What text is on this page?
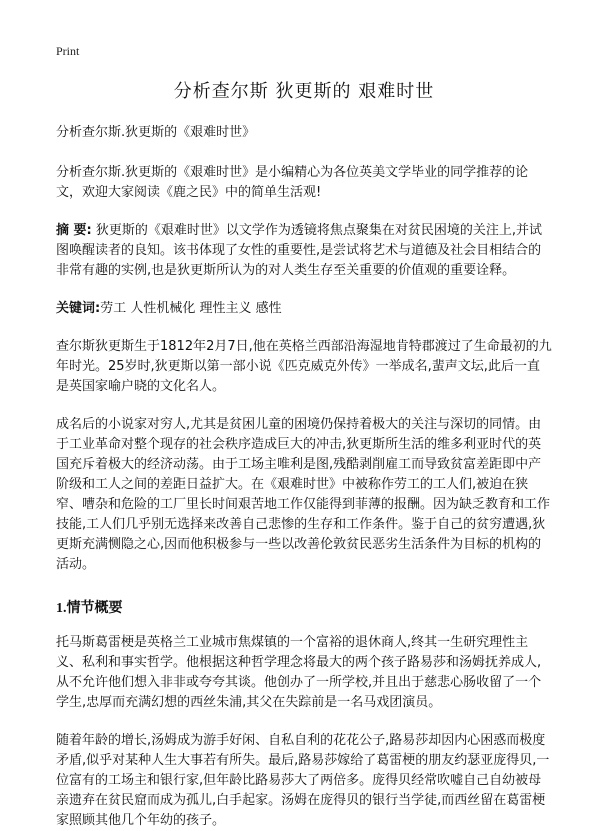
Print
分析查尔斯 狄更斯的 艰难时世

分析查尔斯.狄更斯的《艰难时世》

分析查尔斯.狄更斯的《艰难时世》是小编精心为各位英美文学毕业的同学推荐的论文，欢迎大家阅读《鹿之民》中的简单生活观!

摘 要: 狄更斯的《艰难时世》以文学作为透镜将焦点聚集在对贫民困境的关注上,并试图唤醒读者的良知。该书体现了女性的重要性,是尝试将艺术与道德及社会目相结合的非常有趣的实例,也是狄更斯所认为的对人类生存至关重要的价值观的重要诠释。

关键词:劳工 人性机械化 理性主义 感性

查尔斯狄更斯生于1812年2月7日,他在英格兰西部沿海湿地肯特郡渡过了生命最初的九年时光。25岁时,狄更斯以第一部小说《匹克威克外传》一举成名,蜚声文坛,此后一直是英国家喻户晓的文化名人。

成名后的小说家对穷人,尤其是贫困儿童的困境仍保持着极大的关注与深切的同情。由于工业革命对整个现存的社会秩序造成巨大的冲击,狄更斯所生活的维多利亚时代的英国充斥着极大的经济动荡。由于工场主唯利是图,残酷剥削雇工而导致贫富差距即中产阶级和工人之间的差距日益扩大。在《艰难时世》中被称作劳工的工人们,被迫在狭窄、嘈杂和危险的工厂里长时间艰苦地工作仅能得到菲薄的报酬。因为缺乏教育和工作技能,工人们几乎别无选择来改善自己悲惨的生存和工作条件。鉴于自己的贫穷遭遇,狄更斯充满恻隐之心,因而他积极参与一些以改善伦敦贫民恶劣生活条件为目标的机构的活动。

1.情节概要

托马斯葛雷梗是英格兰工业城市焦煤镇的一个富裕的退休商人,终其一生研究理性主义、私利和事实哲学。他根据这种哲学理念将最大的两个孩子路易莎和汤姆抚养成人,从不允许他们想入非非或夸夸其谈。他创办了一所学校,并且出于慈悲心肠收留了一个学生,忠厚而充满幻想的西丝朱浦,其父在失踪前是一名马戏团演员。

随着年龄的增长,汤姆成为游手好闲、自私自利的花花公子,路易莎却因内心困惑而极度矛盾,似乎对某种人生大事若有所失。最后,路易莎嫁给了葛雷梗的朋友约瑟亚庞得贝,一位富有的工场主和银行家,但年龄比路易莎大了两倍多。庞得贝经常吹嘘自己自幼被母亲遗弃在贫民窟而成为孤儿,白手起家。汤姆在庞得贝的银行当学徒,而西丝留在葛雷梗家照顾其他几个年幼的孩子。
